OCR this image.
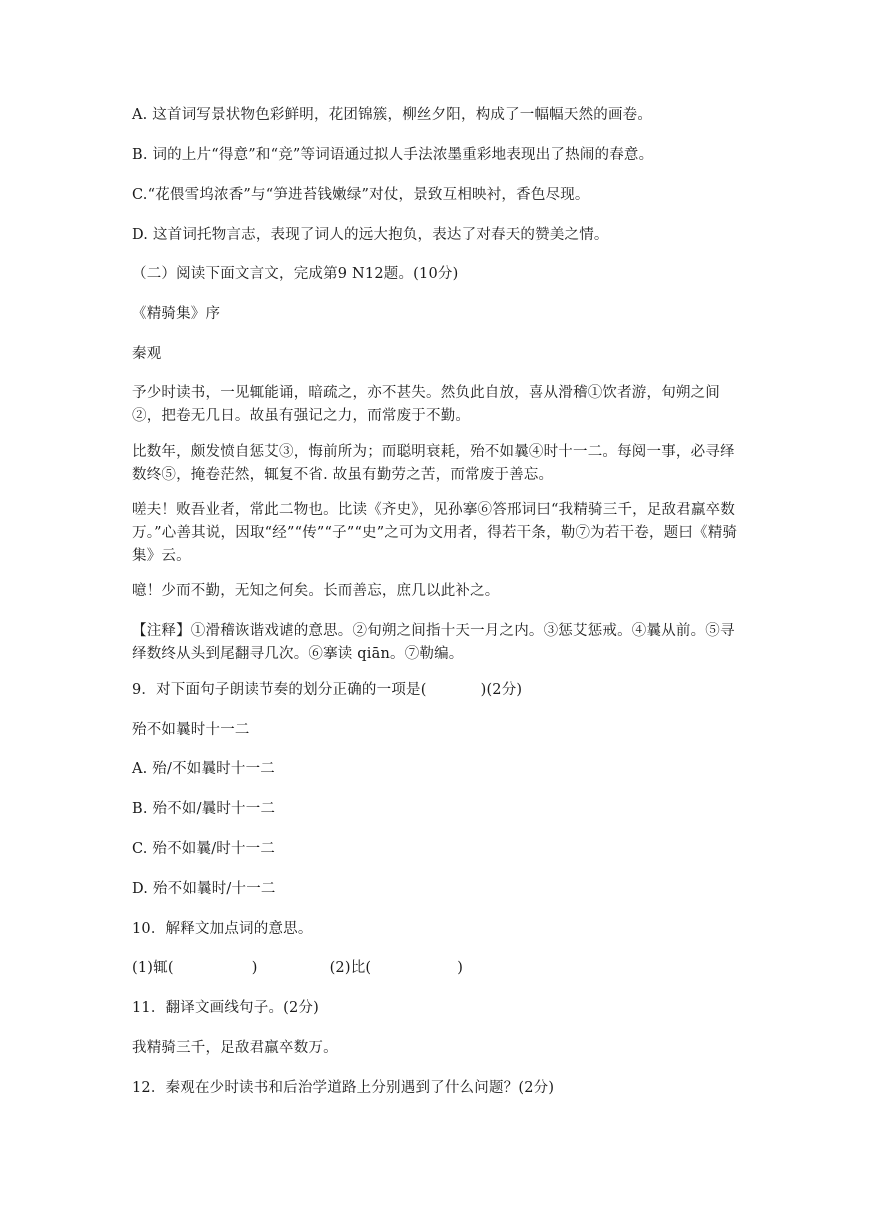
A. 这首词写景状物色彩鲜明，花团锦簇，柳丝夕阳，构成了一幅幅天然的画卷。
B. 词的上片“得意”和“竞”等词语通过拟人手法浓墨重彩地表现出了热闹的春意。
C.“花偎雪坞浓香”与“笋进苔钱嫩绿”对仗，景致互相映衬，香色尽现。
D. 这首词托物言志，表现了词人的远大抱负，表达了对春天的赞美之情。
（二）阅读下面文言文，完成第9 N12题。(10分)
《精骑集》序
秦观
予少时读书，一见辄能诵，暗疏之，亦不甚失。然负此自放，喜从滑稽①饮者游，旬朔之间②，把卷无几日。故虽有强记之力，而常废于不勤。
比数年，颇发愤自惩艾③，悔前所为；而聪明衰耗，殆不如曩④时十一二。每阅一事，必寻绎数终⑤，掩卷茫然，辄复不省. 故虽有勤劳之苦，而常废于善忘。
嗟夫！败吾业者，常此二物也。比读《齐史》，见孙搴⑥答邢词曰“我精骑三千，足敌君羸卒数万。”心善其说，因取“经”“传”“子”“史”之可为文用者，得若干条，勒⑦为若干卷，题曰《精骑集》云。
噫！少而不勤，无知之何矣。长而善忘，庶几以此补之。
【注释】①滑稽诙谐戏谑的意思。②旬朔之间指十天一月之内。③惩艾惩戒。④曩从前。⑤寻绎数终从头到尾翻寻几次。⑥搴读 qiān。⑦勒编。
9．对下面句子朗读节奏的划分正确的一项是(	)(2分)
殆不如曩时十一二
A. 殆/不如曩时十一二
B. 殆不如/曩时十一二
C. 殆不如曩/时十一二
D. 殆不如曩时/十一二
10．解释文加点词的意思。
(1)辄(	)	(2)比(	)
11．翻译文画线句子。(2分)
我精骑三千，足敌君羸卒数万。
12．秦观在少时读书和后治学道路上分别遇到了什么问题？(2分)
